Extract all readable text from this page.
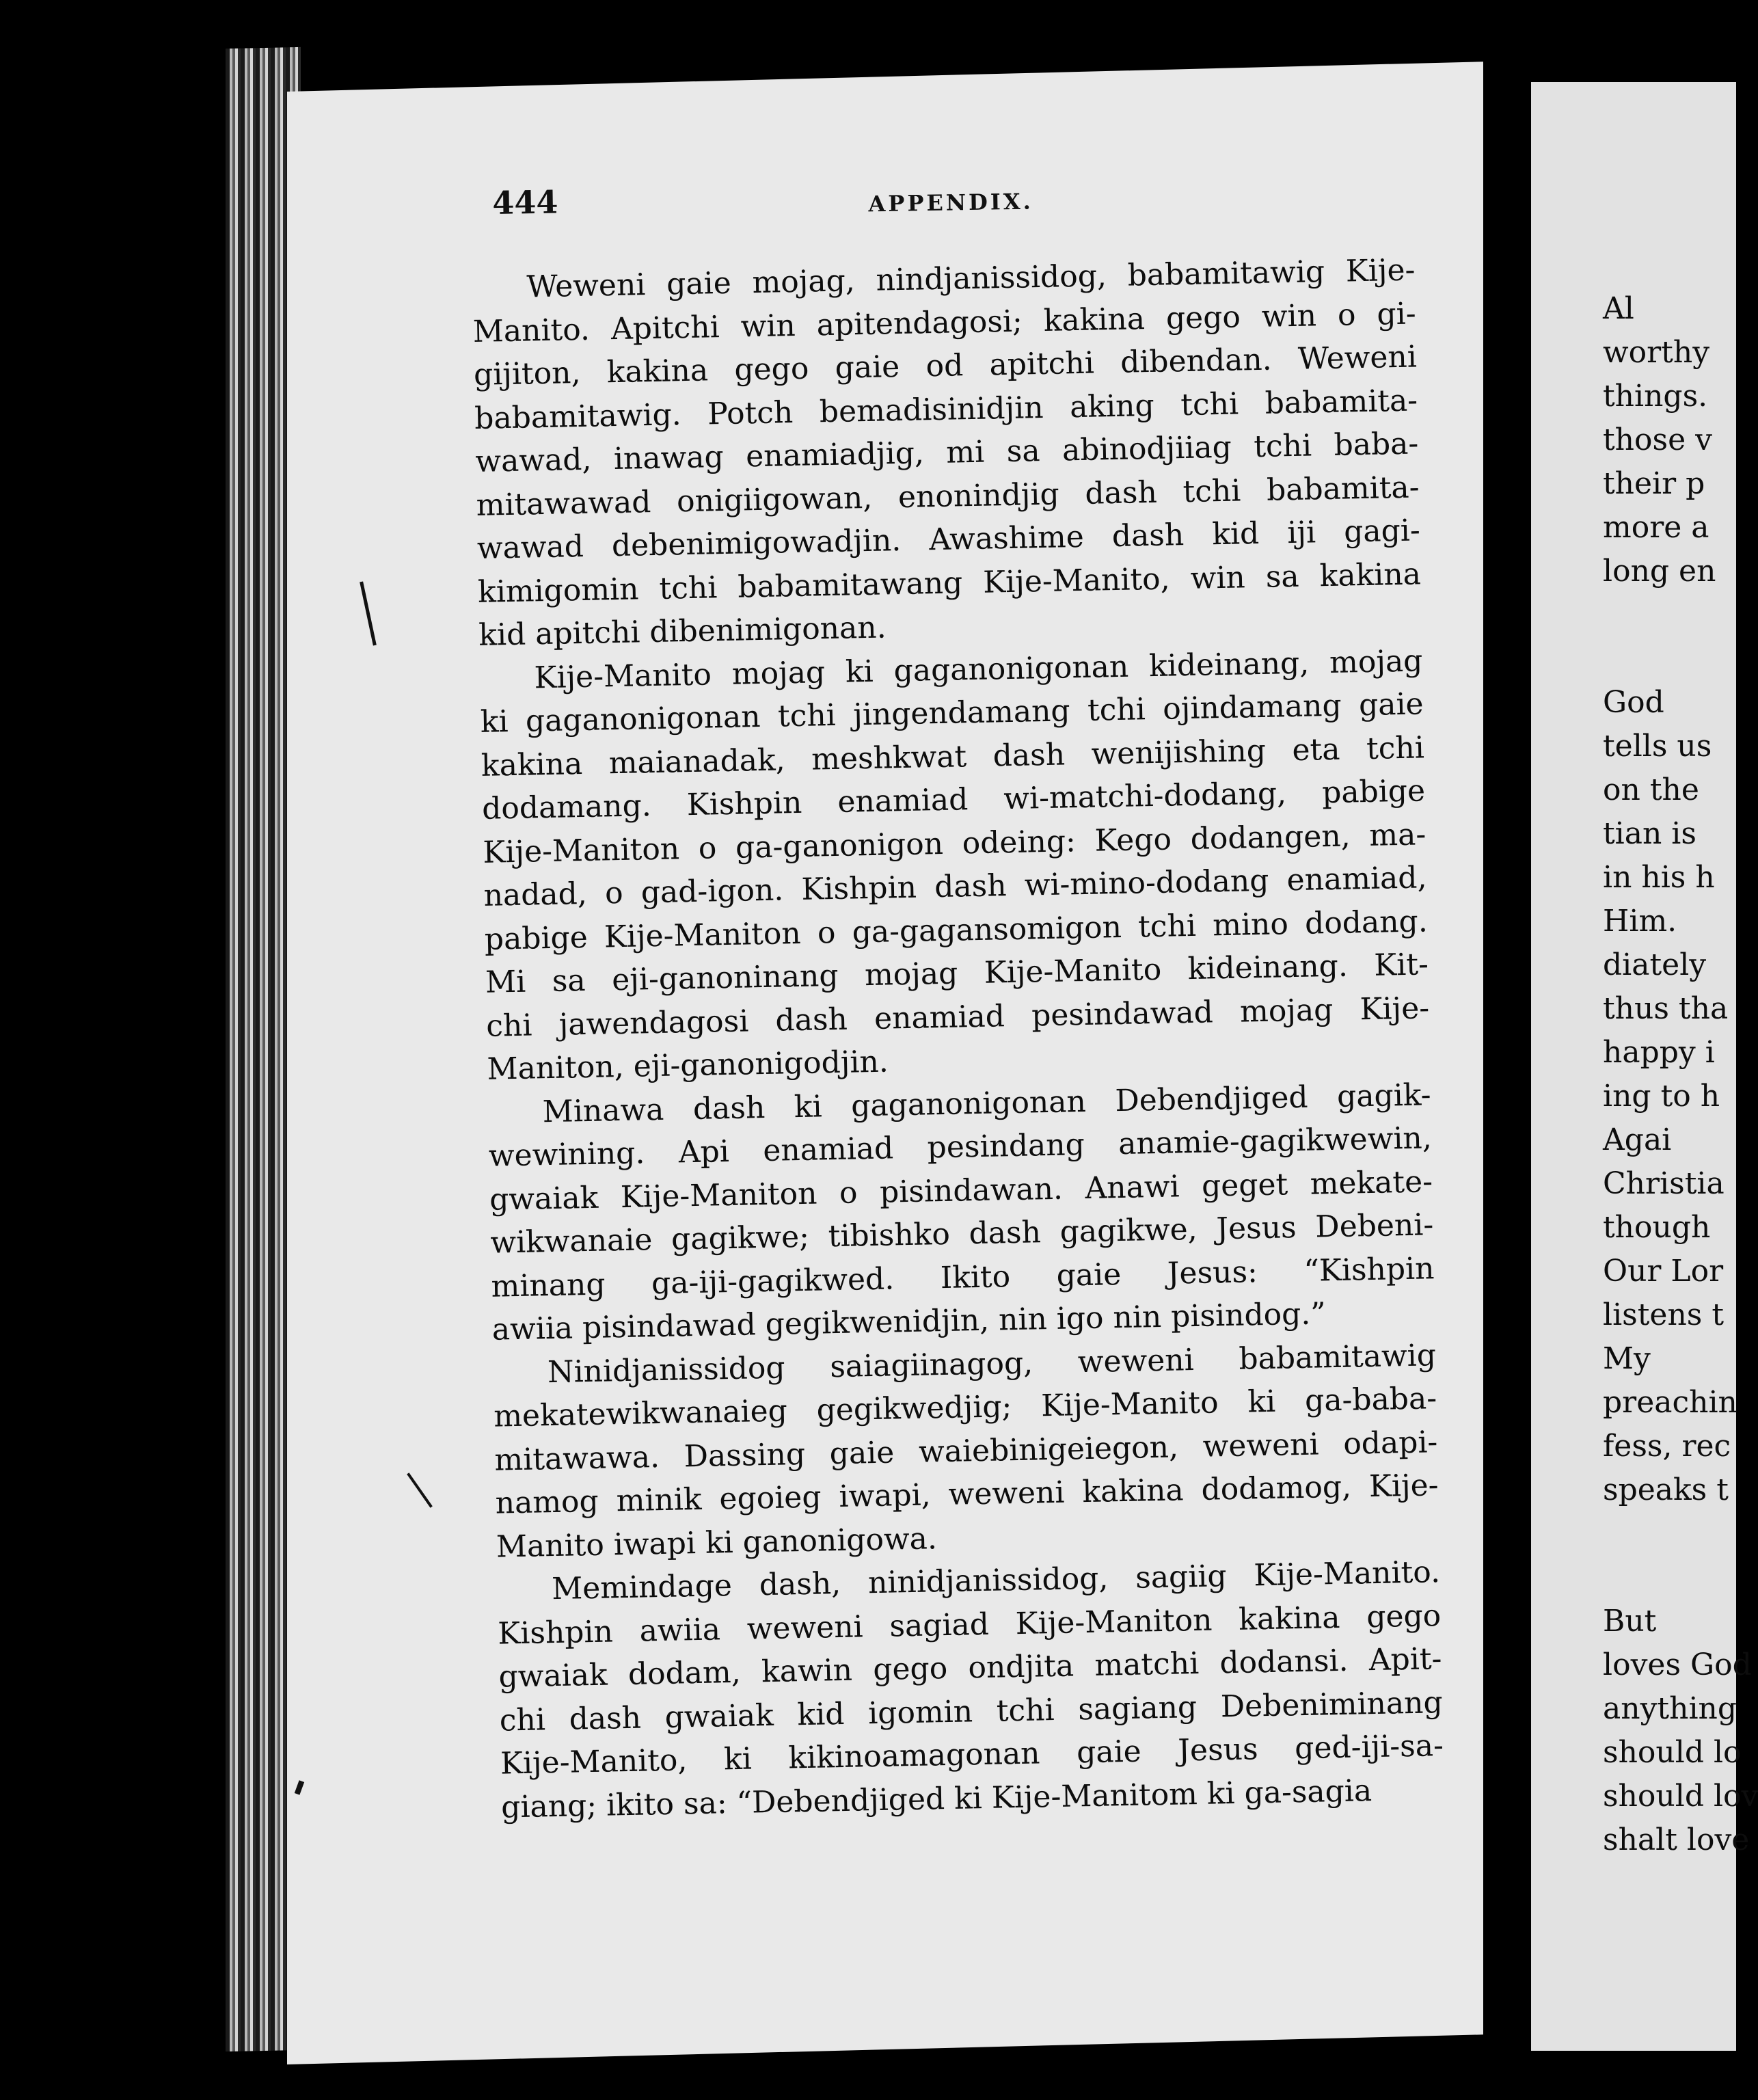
444	APPENDIX.
Weweni gaie mojag, nindjanissidog, babamitawig Kije-
Manito. Apitchi win apitendagosi; kakina gego win o gi-
gijiton, kakina gego gaie od apitchi dibendan. Weweni
babamitawig. Potch bemadisinidjin aking tchi babamita-
wawad, inawag enamiadjig, mi sa abinodjiiag tchi baba-
mitawawad onigiigowan, enonindjig dash tchi babamita-
wawad debenimigowadjin. Awashime dash kid iji gagi-
kimigomin tchi babamitawang Kije-Manito, win sa kakina
kid apitchi dibenimigonan.
Kije-Manito mojag ki gaganonigonan kideinang, mojag
ki gaganonigonan tchi jingendamang tchi ojindamang gaie
kakina maianadak, meshkwat dash wenijishing eta tchi
dodamang. Kishpin enamiad wi-matchi-dodang, pabige
Kije-Maniton o ga-ganonigon odeing: Kego dodangen, ma-
nadad, o gad-igon. Kishpin dash wi-mino-dodang enamiad,
pabige Kije-Maniton o ga-gagansomigon tchi mino dodang.
Mi sa eji-ganoninang mojag Kije-Manito kideinang. Kit-
chi jawendagosi dash enamiad pesindawad mojag Kije-
Maniton, eji-ganonigodjin.
Minawa dash ki gaganonigonan Debendjiged gagik-
wewining. Api enamiad pesindang anamie-gagikwewin,
gwaiak Kije-Maniton o pisindawan. Anawi geget mekate-
wikwanaie gagikwe; tibishko dash gagikwe, Jesus Debeni-
minang ga-iji-gagikwed. Ikito gaie Jesus: “Kishpin
awiia pisindawad gegikwenidjin, nin igo nin pisindog.”
Ninidjanissidog saiagiinagog, weweni babamitawig
mekatewikwanaieg gegikwedjig; Kije-Manito ki ga-baba-
mitawawa. Dassing gaie waiebinigeiegon, weweni odapi-
namog minik egoieg iwapi, weweni kakina dodamog, Kije-
Manito iwapi ki ganonigowa.
Memindage dash, ninidjanissidog, sagiig Kije-Manito.
Kishpin awiia weweni sagiad Kije-Maniton kakina gego
gwaiak dodam, kawin gego ondjita matchi dodansi. Apit-
chi dash gwaiak kid igomin tchi sagiang Debeniminang
Kije-Manito, ki kikinoamagonan gaie Jesus ged-iji-sa-
giang; ikito sa: “Debendjiged ki Kije-Manitom ki ga-sagia
Al
worthy
things.
those v
their p
more a
long en
God
tells us
on the
tian is
in his h
Him.
diately
thus tha
happy i
ing to h
Agai
Christia
though
Our Lor
listens t
My
preachin
fess, rec
speaks t
But
loves God
anything
should lo
should lov
shalt love
